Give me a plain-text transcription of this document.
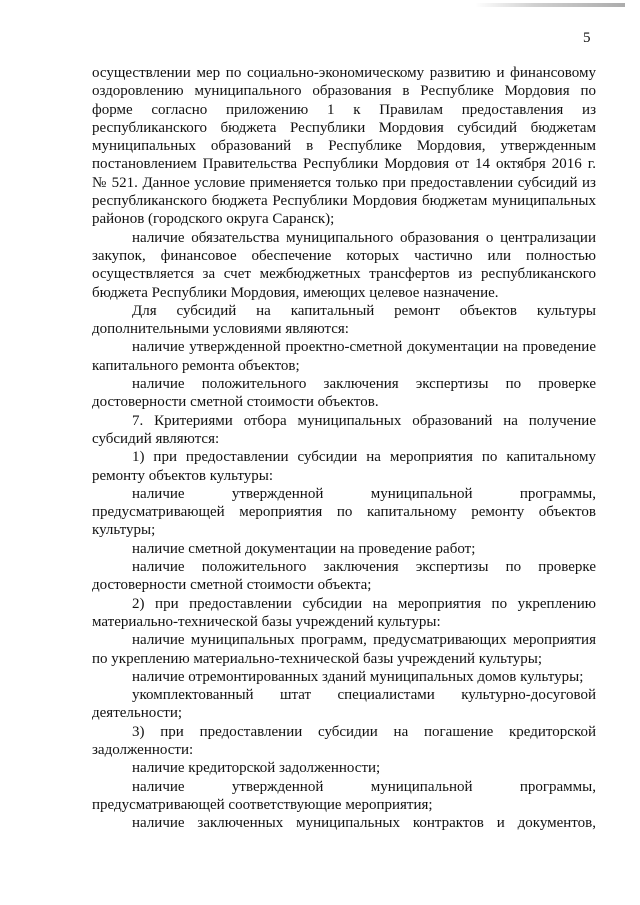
5

осуществлении мер по социально-экономическому развитию и финансовому оздоровлению муниципального образования в Республике Мордовия по форме согласно приложению 1 к Правилам предоставления из республиканского бюджета Республики Мордовия субсидий бюджетам муниципальных образований в Республике Мордовия, утвержденным постановлением Правительства Республики Мордовия от 14 октября 2016 г. № 521. Данное условие применяется только при предоставлении субсидий из республиканского бюджета Республики Мордовия бюджетам муниципальных районов (городского округа Саранск);

наличие обязательства муниципального образования о централизации закупок, финансовое обеспечение которых частично или полностью осуществляется за счет межбюджетных трансфертов из республиканского бюджета Республики Мордовия, имеющих целевое назначение.

Для субсидий на капитальный ремонт объектов культуры дополнительными условиями являются:

наличие утвержденной проектно-сметной документации на проведение капитального ремонта объектов;

наличие положительного заключения экспертизы по проверке достоверности сметной стоимости объектов.

7. Критериями отбора муниципальных образований на получение субсидий являются:

1) при предоставлении субсидии на мероприятия по капитальному ремонту объектов культуры:

наличие утвержденной муниципальной программы, предусматривающей мероприятия по капитальному ремонту объектов культуры;

наличие сметной документации на проведение работ;

наличие положительного заключения экспертизы по проверке достоверности сметной стоимости объекта;

2) при предоставлении субсидии на мероприятия по укреплению материально-технической базы учреждений культуры:

наличие муниципальных программ, предусматривающих мероприятия по укреплению материально-технической базы учреждений культуры;

наличие отремонтированных зданий муниципальных домов культуры;

укомплектованный штат специалистами культурно-досуговой деятельности;

3) при предоставлении субсидии на погашение кредиторской задолженности:

наличие кредиторской задолженности;

наличие утвержденной муниципальной программы, предусматривающей соответствующие мероприятия;

наличие заключенных муниципальных контрактов и документов,
